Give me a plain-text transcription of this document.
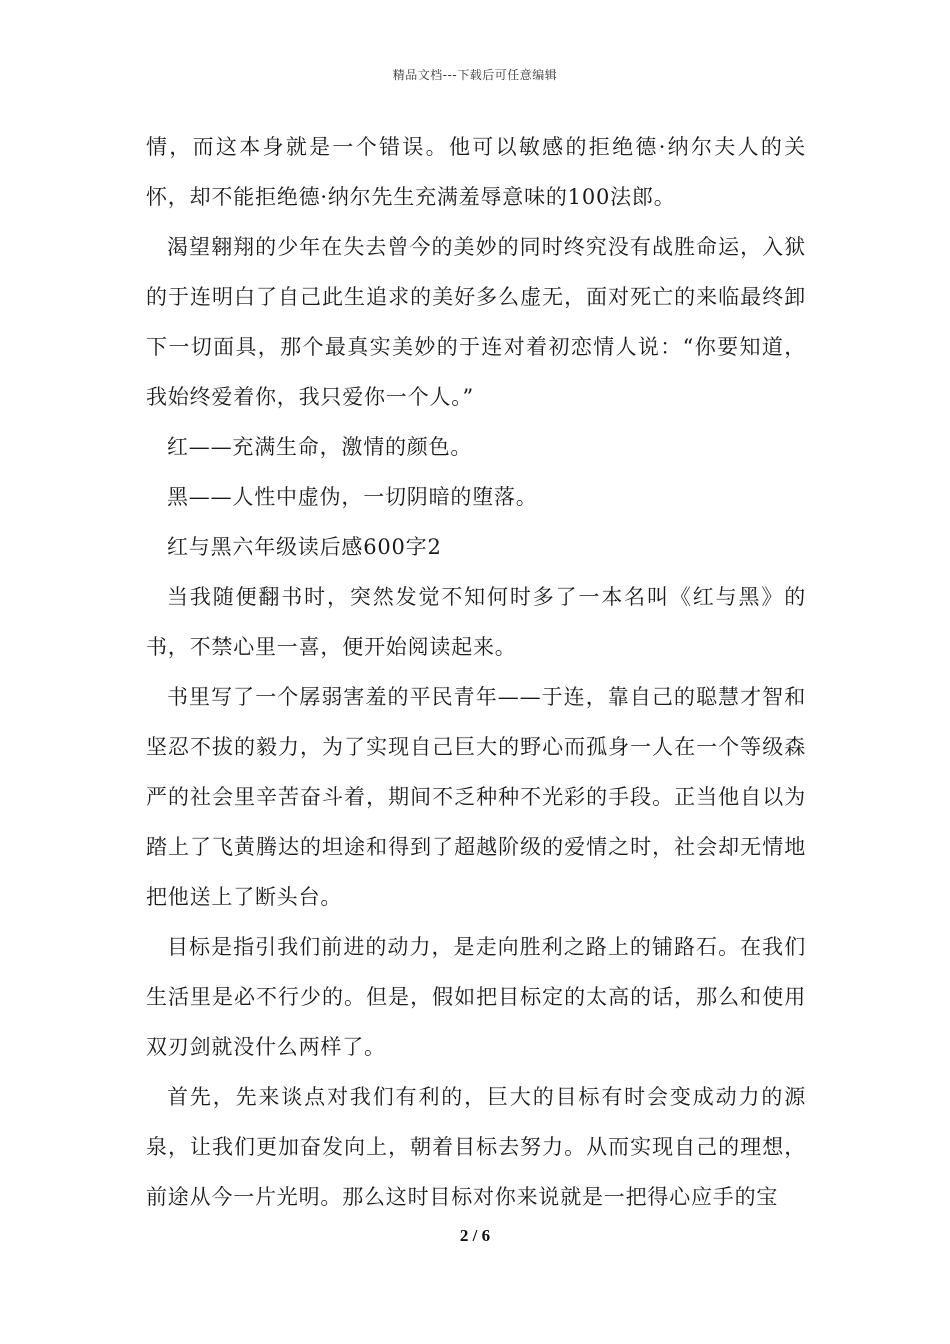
精品文档---下载后可任意编辑

情，而这本身就是一个错误。他可以敏感的拒绝德·纳尔夫人的关怀，却不能拒绝德·纳尔先生充满羞辱意味的100法郎。

渴望翱翔的少年在失去曾今的美妙的同时终究没有战胜命运，入狱的于连明白了自己此生追求的美好多么虚无，面对死亡的来临最终卸下一切面具，那个最真实美妙的于连对着初恋情人说：“你要知道，我始终爱着你，我只爱你一个人。”

红——充满生命，激情的颜色。

黑——人性中虚伪，一切阴暗的堕落。

红与黑六年级读后感600字2

当我随便翻书时，突然发觉不知何时多了一本名叫《红与黑》的书，不禁心里一喜，便开始阅读起来。

书里写了一个孱弱害羞的平民青年——于连，靠自己的聪慧才智和坚忍不拔的毅力，为了实现自己巨大的野心而孤身一人在一个等级森严的社会里辛苦奋斗着，期间不乏种种不光彩的手段。正当他自以为踏上了飞黄腾达的坦途和得到了超越阶级的爱情之时，社会却无情地把他送上了断头台。

目标是指引我们前进的动力，是走向胜利之路上的铺路石。在我们生活里是必不行少的。但是，假如把目标定的太高的话，那么和使用双刃剑就没什么两样了。

首先，先来谈点对我们有利的，巨大的目标有时会变成动力的源泉，让我们更加奋发向上，朝着目标去努力。从而实现自己的理想，前途从今一片光明。那么这时目标对你来说就是一把得心应手的宝

2 / 6
